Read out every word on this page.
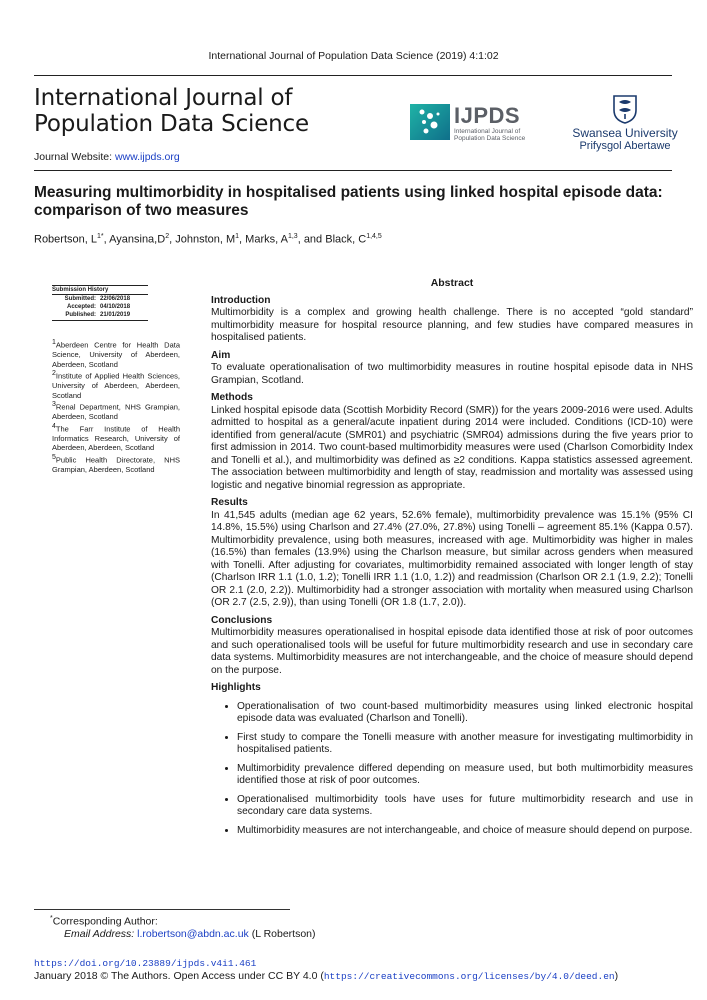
International Journal of Population Data Science (2019) 4:1:02
International Journal of
Population Data Science
Journal Website: www.ijpds.org
IJPDS
International Journal of Population Data Science	Swansea University
Prifysgol Abertawe
Measuring multimorbidity in hospitalised patients using linked hospital episode data: comparison of two measures
Robertson, $L^{1*}$, $Ayansina,D^2$, Johnston, $M^1$, Marks, A$^{1,3}$, and Black, C$^{1,4,5}$
Submission History
Submitted: 22/06/2018
Accepted: 04/10/2018
Published: 21/01/2019
$^1$Aberdeen Centre for Health Data Science, University of Aberdeen, Aberdeen, Scotland
$^2$Institute of Applied Health Sciences, University of Aberdeen, Aberdeen, Scotland
$^3$Renal Department, NHS Grampian, Aberdeen, Scotland
$^4$The Farr Institute of Health Informatics Research, University of Aberdeen, Aberdeen, Scotland
$^5$Public Health Directorate, NHS Grampian, Aberdeen, Scotland
Abstract
Introduction
Multimorbidity is a complex and growing health challenge. There is no accepted “gold standard” multimorbidity measure for hospital resource planning, and few studies have compared measures in hospitalised patients.
Aim
To evaluate operationalisation of two multimorbidity measures in routine hospital episode data in NHS Grampian, Scotland.
Methods
Linked hospital episode data (Scottish Morbidity Record (SMR)) for the years 2009-2016 were used. Adults admitted to hospital as a general/acute inpatient during 2014 were included. Conditions (ICD-10) were identified from general/acute (SMR01) and psychiatric (SMR04) admissions during the five years prior to first admission in 2014. Two count-based multimorbidity measures were used (Charlson Comorbidity Index and Tonelli et al.), and multimorbidity was defined as ≥2 conditions. Kappa statistics assessed agreement. The association between multimorbidity and length of stay, readmission and mortality was assessed using logistic and negative binomial regression as appropriate.
Results
In 41,545 adults (median age 62 years, 52.6% female), multimorbidity prevalence was 15.1% (95% CI 14.8%, 15.5%) using Charlson and 27.4% (27.0%, 27.8%) using Tonelli – agreement 85.1% (Kappa 0.57). Multimorbidity prevalence, using both measures, increased with age. Multimorbidity was higher in males (16.5%) than females (13.9%) using the Charlson measure, but similar across genders when measured with Tonelli. After adjusting for covariates, multimorbidity remained associated with longer length of stay (Charlson IRR 1.1 (1.0, 1.2); Tonelli IRR 1.1 (1.0, 1.2)) and readmission (Charlson OR 2.1 (1.9, 2.2); Tonelli OR 2.1 (2.0, 2.2)). Multimorbidity had a stronger association with mortality when measured using Charlson (OR 2.7 (2.5, 2.9)), than using Tonelli (OR 1.8 (1.7, 2.0)).
Conclusions
Multimorbidity measures operationalised in hospital episode data identified those at risk of poor outcomes and such operationalised tools will be useful for future multimorbidity research and use in secondary care data systems. Multimorbidity measures are not interchangeable, and the choice of measure should depend on the purpose.
Highlights
• Operationalisation of two count-based multimorbidity measures using linked electronic hospital episode data was evaluated (Charlson and Tonelli).
• First study to compare the Tonelli measure with another measure for investigating multimorbidity in hospitalised patients.
• Multimorbidity prevalence differed depending on measure used, but both multimorbidity measures identified those at risk of poor outcomes.
• Operationalised multimorbidity tools have uses for future multimorbidity research and use in secondary care data systems.
• Multimorbidity measures are not interchangeable, and choice of measure should depend on purpose.
*Corresponding Author:
Email Address: l.robertson@abdn.ac.uk (L Robertson)
https://doi.org/10.23889/ijpds.v4i1.461
January 2018 © The Authors. Open Access under CC BY 4.0 (https://creativecommons.org/licenses/by/4.0/deed.en)
